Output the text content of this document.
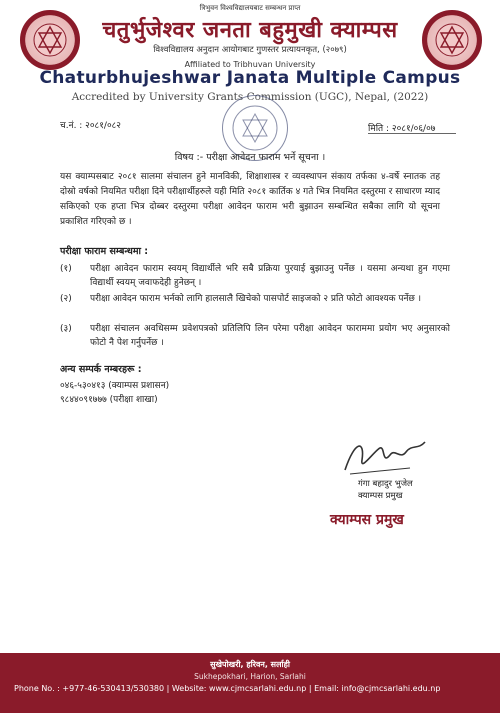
त्रिभुवन विश्वविद्यालयबाट सम्बन्धन प्राप्त
चतुर्भुजेश्वर जनता बहुमुखी क्याम्पस
विश्वविद्यालय अनुदान आयोगबाट गुणस्तर प्रत्यायनकृत, (२०७९)
Affiliated to Tribhuvan University
Chaturbhujeshwar Janata Multiple Campus
Accredited by University Grants Commission (UGC), Nepal, (2022)
च.नं. : २०८१/०८२	मिति : २०८१/०६/०७
विषय :- परीक्षा आवेदन फाराम भर्ने सूचना ।
यस क्याम्पसबाट २०८१ सालमा संचालन हुने मानविकी, शिक्षाशास्त्र र व्यवस्थापन संकाय तर्फका ४-वर्षे स्नातक तह दोस्रो वर्षको नियमित परीक्षा दिने परीक्षार्थीहरुले यही मिति २०८१ कार्तिक ४ गते भित्र नियमित दस्तुरमा र साधारण म्याद सकिएको एक हप्ता भित्र दोब्बर दस्तुरमा परीक्षा आवेदन फाराम भरी बुझाउन सम्बन्धित सबैका लागि यो सूचना प्रकाशित गरिएको छ ।
परीक्षा फाराम सम्बन्धमा :
(१) परीक्षा आवेदन फाराम स्वयम् विद्यार्थीले भरि सबै प्रक्रिया पुरयाई बुझाउनु पर्नेछ । यसमा अन्यथा हुन गएमा विद्यार्थी स्वयम् जवाफदेही हुनेछन् ।
(२) परीक्षा आवेदन फाराम भर्नको लागि हालसालै खिचेको पासपोर्ट साइजको २ प्रति फोटो आवश्यक पर्नेछ ।
(३) परीक्षा संचालन अवधिसम्म प्रवेशपत्रको प्रतिलिपि लिन परेमा परीक्षा आवेदन फाराममा प्रयोग भए अनुसारको फोटो नै पेश गर्नुपर्नेछ ।
अन्य सम्पर्क नम्बरहरू :
०४६-५३०४१३ (क्याम्पस प्रशासन)
९८४४०९१७७७ (परीक्षा शाखा)
गंगा बहादुर भुजेल
क्याम्पस प्रमुख
क्याम्पस प्रमुख
सुखेपोखरी, हरिवन, सर्लाही
Sukhepokhari, Harion, Sarlahi
Phone No. : +977-46-530413/530380 | Website: www.cjmcsarlahi.edu.np | Email: info@cjmcsarlahi.edu.np
